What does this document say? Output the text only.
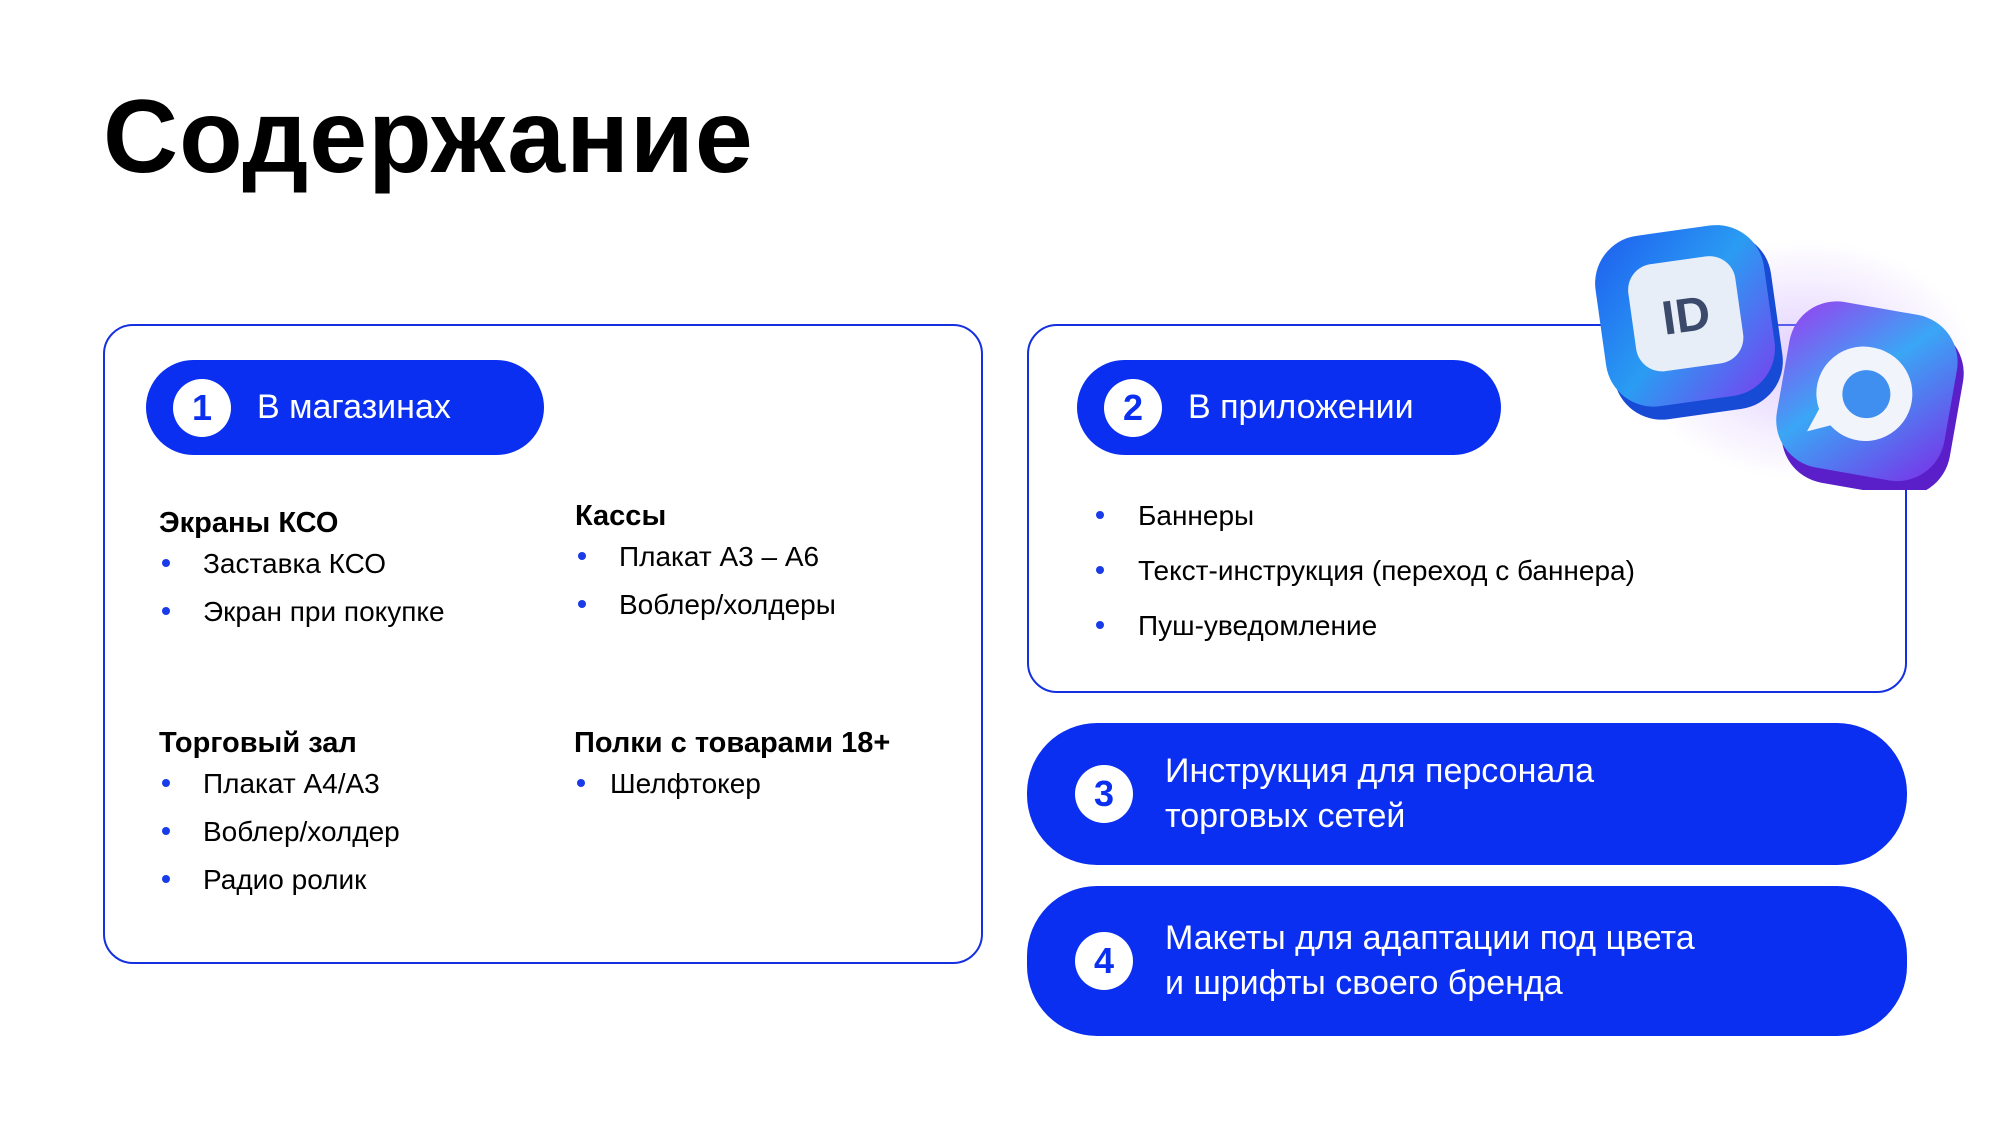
Содержание
1	В магазинах
Экраны КСО
Заставка КСО
Экран при покупке
Кассы
Плакат А3 – А6
Воблер/холдеры
Торговый зал
Плакат А4/А3
Воблер/холдер
Радио ролик
Полки с товарами 18+
Шелфтокер
2	В приложении
Баннеры
Текст-инструкция (переход с баннера)
Пуш-уведомление
ID
3
Инструкция для персонала
торговых сетей
4
Макеты для адаптации под цвета
и шрифты своего бренда
